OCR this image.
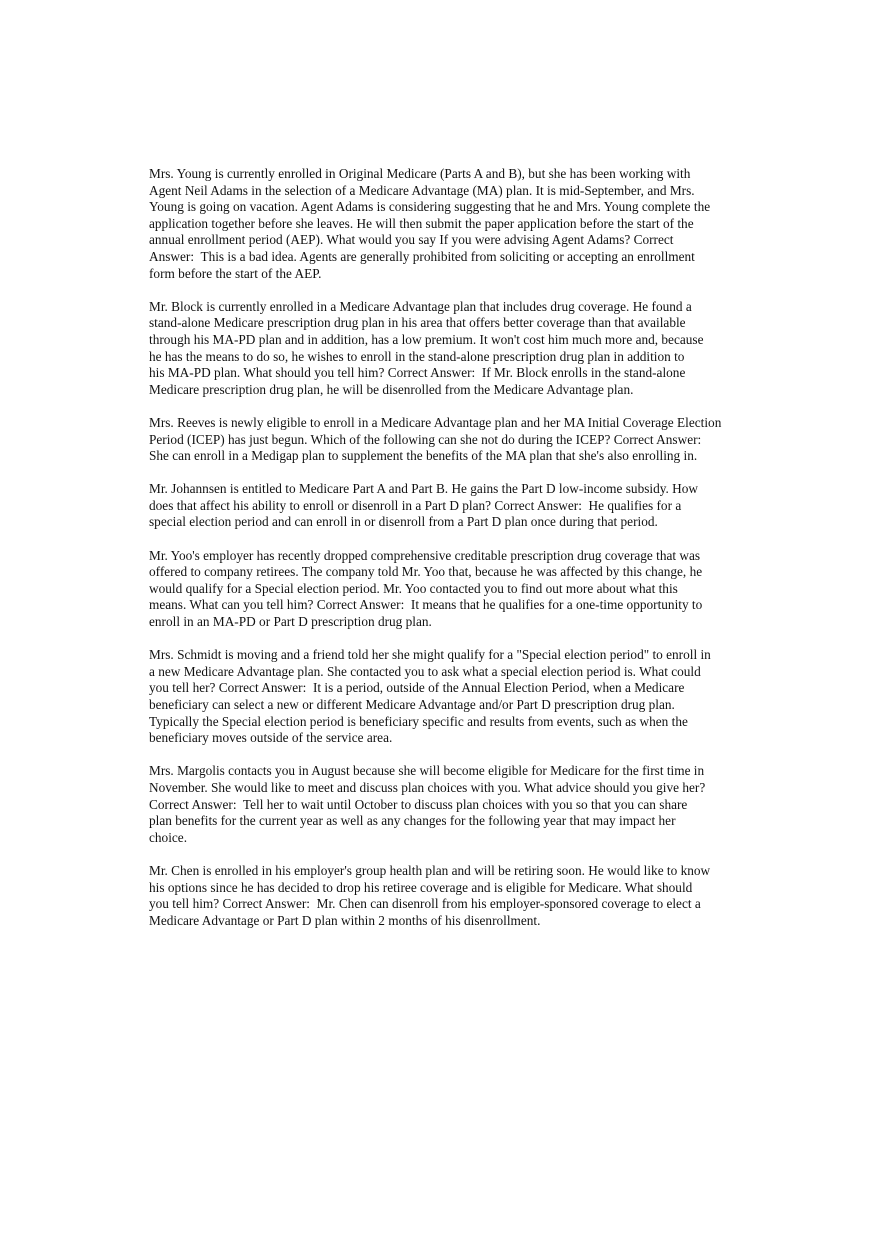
Mrs. Young is currently enrolled in Original Medicare (Parts A and B), but she has been working with
Agent Neil Adams in the selection of a Medicare Advantage (MA) plan. It is mid-September, and Mrs.
Young is going on vacation. Agent Adams is considering suggesting that he and Mrs. Young complete the
application together before she leaves. He will then submit the paper application before the start of the
annual enrollment period (AEP). What would you say If you were advising Agent Adams? Correct
Answer:  This is a bad idea. Agents are generally prohibited from soliciting or accepting an enrollment
form before the start of the AEP.

Mr. Block is currently enrolled in a Medicare Advantage plan that includes drug coverage. He found a
stand-alone Medicare prescription drug plan in his area that offers better coverage than that available
through his MA-PD plan and in addition, has a low premium. It won't cost him much more and, because
he has the means to do so, he wishes to enroll in the stand-alone prescription drug plan in addition to
his MA-PD plan. What should you tell him? Correct Answer:  If Mr. Block enrolls in the stand-alone
Medicare prescription drug plan, he will be disenrolled from the Medicare Advantage plan.

Mrs. Reeves is newly eligible to enroll in a Medicare Advantage plan and her MA Initial Coverage Election
Period (ICEP) has just begun. Which of the following can she not do during the ICEP? Correct Answer:
She can enroll in a Medigap plan to supplement the benefits of the MA plan that she's also enrolling in.

Mr. Johannsen is entitled to Medicare Part A and Part B. He gains the Part D low-income subsidy. How
does that affect his ability to enroll or disenroll in a Part D plan? Correct Answer:  He qualifies for a
special election period and can enroll in or disenroll from a Part D plan once during that period.

Mr. Yoo's employer has recently dropped comprehensive creditable prescription drug coverage that was
offered to company retirees. The company told Mr. Yoo that, because he was affected by this change, he
would qualify for a Special election period. Mr. Yoo contacted you to find out more about what this
means. What can you tell him? Correct Answer:  It means that he qualifies for a one-time opportunity to
enroll in an MA-PD or Part D prescription drug plan.

Mrs. Schmidt is moving and a friend told her she might qualify for a "Special election period" to enroll in
a new Medicare Advantage plan. She contacted you to ask what a special election period is. What could
you tell her? Correct Answer:  It is a period, outside of the Annual Election Period, when a Medicare
beneficiary can select a new or different Medicare Advantage and/or Part D prescription drug plan.
Typically the Special election period is beneficiary specific and results from events, such as when the
beneficiary moves outside of the service area.

Mrs. Margolis contacts you in August because she will become eligible for Medicare for the first time in
November. She would like to meet and discuss plan choices with you. What advice should you give her?
Correct Answer:  Tell her to wait until October to discuss plan choices with you so that you can share
plan benefits for the current year as well as any changes for the following year that may impact her
choice.

Mr. Chen is enrolled in his employer's group health plan and will be retiring soon. He would like to know
his options since he has decided to drop his retiree coverage and is eligible for Medicare. What should
you tell him? Correct Answer:  Mr. Chen can disenroll from his employer-sponsored coverage to elect a
Medicare Advantage or Part D plan within 2 months of his disenrollment.
